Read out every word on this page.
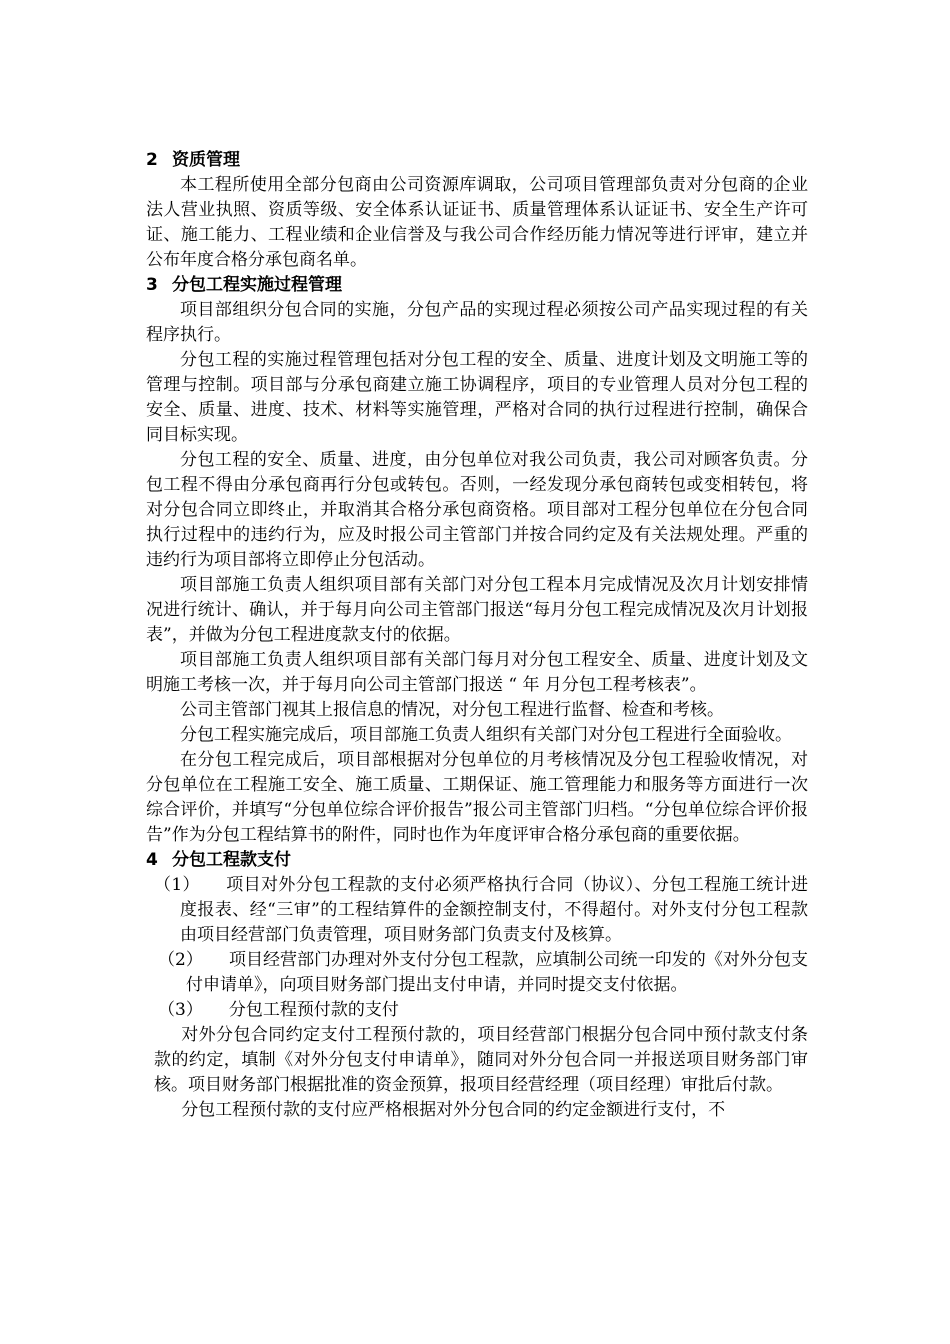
2 资质管理

本工程所使用全部分包商由公司资源库调取，公司项目管理部负责对分包商的企业法人营业执照、资质等级、安全体系认证证书、质量管理体系认证证书、安全生产许可证、施工能力、工程业绩和企业信誉及与我公司合作经历能力情况等进行评审，建立并公布年度合格分承包商名单。

3 分包工程实施过程管理

项目部组织分包合同的实施，分包产品的实现过程必须按公司产品实现过程的有关程序执行。

分包工程的实施过程管理包括对分包工程的安全、质量、进度计划及文明施工等的管理与控制。项目部与分承包商建立施工协调程序，项目的专业管理人员对分包工程的安全、质量、进度、技术、材料等实施管理，严格对合同的执行过程进行控制，确保合同目标实现。

分包工程的安全、质量、进度，由分包单位对我公司负责，我公司对顾客负责。分包工程不得由分承包商再行分包或转包。否则，一经发现分承包商转包或变相转包，将对分包合同立即终止，并取消其合格分承包商资格。项目部对工程分包单位在分包合同执行过程中的违约行为，应及时报公司主管部门并按合同约定及有关法规处理。严重的违约行为项目部将立即停止分包活动。

项目部施工负责人组织项目部有关部门对分包工程本月完成情况及次月计划安排情况进行统计、确认，并于每月向公司主管部门报送“每月分包工程完成情况及次月计划报表”，并做为分包工程进度款支付的依据。

项目部施工负责人组织项目部有关部门每月对分包工程安全、质量、进度计划及文明施工考核一次，并于每月向公司主管部门报送 “ 年 月分包工程考核表”。

公司主管部门视其上报信息的情况，对分包工程进行监督、检查和考核。

分包工程实施完成后，项目部施工负责人组织有关部门对分包工程进行全面验收。

在分包工程完成后，项目部根据对分包单位的月考核情况及分包工程验收情况，对分包单位在工程施工安全、施工质量、工期保证、施工管理能力和服务等方面进行一次综合评价，并填写“分包单位综合评价报告”报公司主管部门归档。“分包单位综合评价报告”作为分包工程结算书的附件，同时也作为年度评审合格分承包商的重要依据。

4 分包工程款支付

（1） 项目对外分包工程款的支付必须严格执行合同（协议）、分包工程施工统计进度报表、经“三审”的工程结算件的金额控制支付，不得超付。对外支付分包工程款由项目经营部门负责管理，项目财务部门负责支付及核算。

（2） 项目经营部门办理对外支付分包工程款，应填制公司统一印发的《对外分包支付申请单》，向项目财务部门提出支付申请，并同时提交支付依据。

（3） 分包工程预付款的支付

对外分包合同约定支付工程预付款的，项目经营部门根据分包合同中预付款支付条款的约定，填制《对外分包支付申请单》，随同对外分包合同一并报送项目财务部门审核。项目财务部门根据批准的资金预算，报项目经营经理（项目经理）审批后付款。

分包工程预付款的支付应严格根据对外分包合同的约定金额进行支付，不
